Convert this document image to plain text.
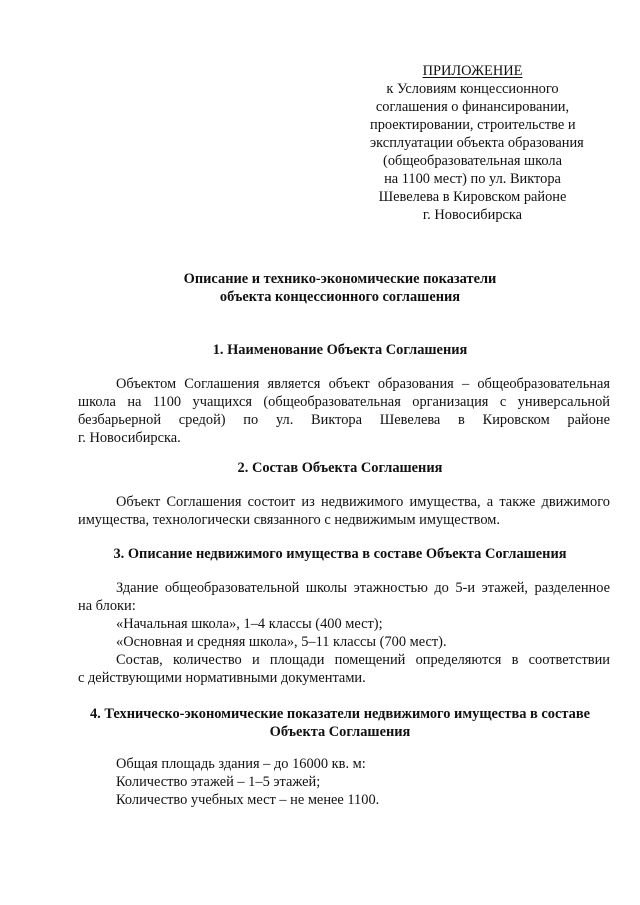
ПРИЛОЖЕНИЕ
к Условиям концессионного
соглашения о финансировании,
проектировании, строительстве и
эксплуатации объекта образования
(общеобразовательная школа
на 1100 мест) по ул. Виктора
Шевелева в Кировском районе
г. Новосибирска
Описание и технико-экономические показатели
объекта концессионного соглашения
1. Наименование Объекта Соглашения
Объектом Соглашения является объект образования – общеобразовательная
школа на 1100 учащихся (общеобразовательная организация с универсальной
безбарьерной средой) по ул. Виктора Шевелева в Кировском районе
г. Новосибирска.
2. Состав Объекта Соглашения
Объект Соглашения состоит из недвижимого имущества, а также движимого
имущества, технологически связанного с недвижимым имуществом.
3. Описание недвижимого имущества в составе Объекта Соглашения
Здание общеобразовательной школы этажностью до 5-и этажей, разделенное
на блоки:
«Начальная школа», 1–4 классы (400 мест);
«Основная и средняя школа», 5–11 классы (700 мест).
Состав, количество и площади помещений определяются в соответствии
с действующими нормативными документами.
4. Техническо-экономические показатели недвижимого имущества в составе
Объекта Соглашения
Общая площадь здания – до 16000 кв. м:
Количество этажей – 1–5 этажей;
Количество учебных мест – не менее 1100.
